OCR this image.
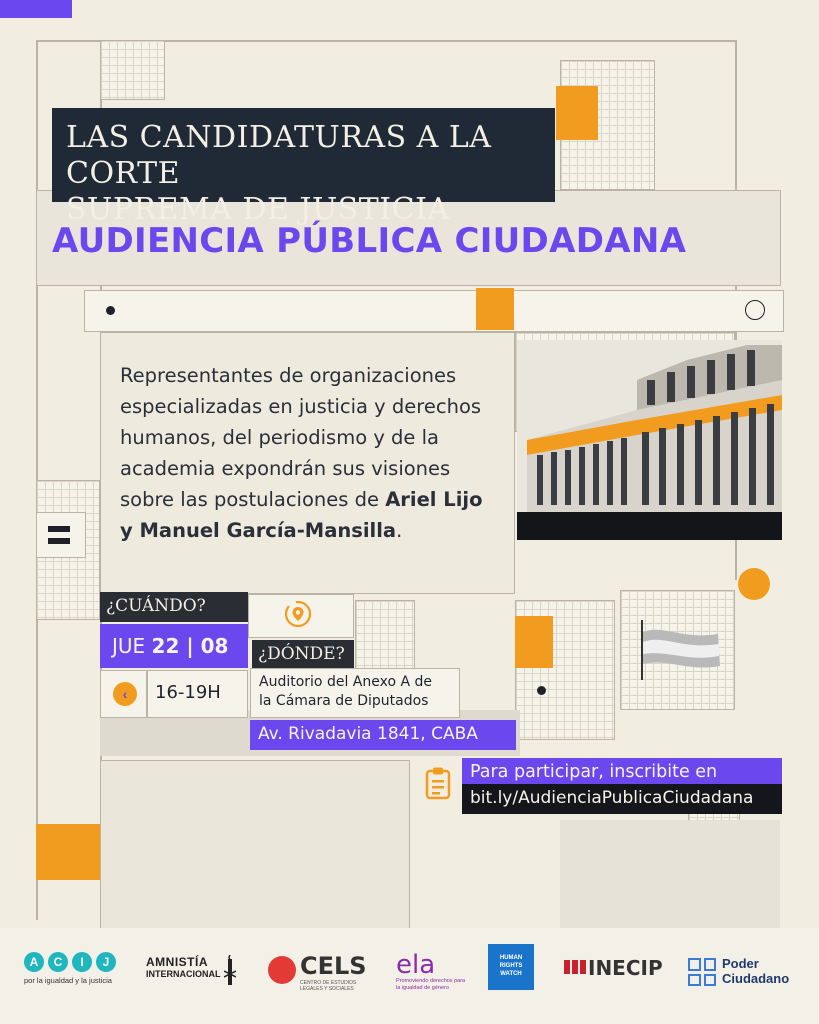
LAS CANDIDATURAS A LA CORTE
SUPREMA DE JUSTICIA
AUDIENCIA PÚBLICA CIUDADANA
Representantes de organizaciones especializadas en justicia y derechos humanos, del periodismo y de la academia expondrán sus visiones sobre las postulaciones de Ariel Lijo y Manuel García-Mansilla.
¿CUÁNDO?
JUE 22 | 08
‹	16-19H
¿DÓNDE?
Auditorio del Anexo A de
la Cámara de Diputados
Av. Rivadavia 1841, CABA
Para participar, inscribite en
bit.ly/AudienciaPublicaCiudadana
A	C	I	J
por la igualdad y la justicia
AMNISTÍA
INTERNACIONAL	CELS
CENTRO DE ESTUDIOS LEGALES Y SOCIALES
ela
Promoviendo derechos para la igualdad de género
HUMAN
RIGHTS
WATCH	INECIP	Poder
Ciudadano
